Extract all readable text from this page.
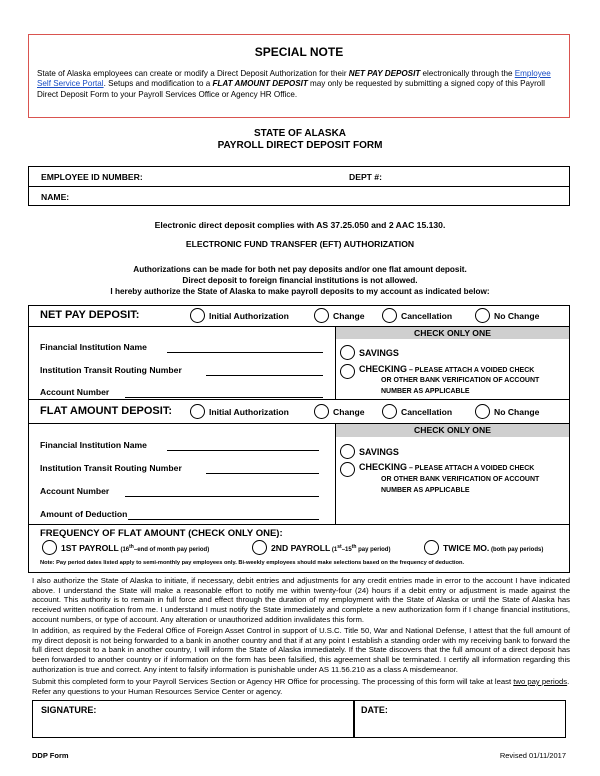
SPECIAL NOTE
State of Alaska employees can create or modify a Direct Deposit Authorization for their NET PAY DEPOSIT electronically through the Employee Self Service Portal. Setups and modification to a FLAT AMOUNT DEPOSIT may only be requested by submitting a signed copy of this Payroll Direct Deposit Form to your Payroll Services Office or Agency HR Office.
STATE OF ALASKA
PAYROLL DIRECT DEPOSIT FORM
EMPLOYEE ID NUMBER:	DEPT #:
NAME:
Electronic direct deposit complies with AS 37.25.050 and 2 AAC 15.130.
ELECTRONIC FUND TRANSFER (EFT) AUTHORIZATION
Authorizations can be made for both net pay deposits and/or one flat amount deposit.
Direct deposit to foreign financial institutions is not allowed.
I hereby authorize the State of Alaska to make payroll deposits to my account as indicated below:
NET PAY DEPOSIT:	Initial Authorization	Change	Cancellation	No Change
CHECK ONLY ONE
Financial Institution Name
Institution Transit Routing Number
Account Number
SAVINGS
CHECKING – PLEASE ATTACH A VOIDED CHECK
OR OTHER BANK VERIFICATION OF ACCOUNT
NUMBER AS APPLICABLE
FLAT AMOUNT DEPOSIT:	Initial Authorization	Change	Cancellation	No Change
CHECK ONLY ONE
Financial Institution Name
Institution Transit Routing Number
Account Number
Amount of Deduction
SAVINGS
CHECKING – PLEASE ATTACH A VOIDED CHECK
OR OTHER BANK VERIFICATION OF ACCOUNT
NUMBER AS APPLICABLE
FREQUENCY OF FLAT AMOUNT (CHECK ONLY ONE):
1ST PAYROLL (16th–end of month pay period)	2ND PAYROLL (1st–15th pay period)	TWICE MO. (both pay periods)
Note: Pay period dates listed apply to semi-monthly pay employees only. Bi-weekly employees should make selections based on the frequency of deduction.
I also authorize the State of Alaska to initiate, if necessary, debit entries and adjustments for any credit entries made in error to the account I have indicated above. I understand the State will make a reasonable effort to notify me within twenty-four (24) hours if a debit entry or adjustment is made against the account. This authority is to remain in full force and effect through the duration of my employment with the State of Alaska or until the State of Alaska has received written notification from me. I understand I must notify the State immediately and complete a new authorization form if I change financial institutions, account numbers, or type of account. Any alteration or unauthorized addition invalidates this form.
In addition, as required by the Federal Office of Foreign Asset Control in support of U.S.C. Title 50, War and National Defense, I attest that the full amount of my direct deposit is not being forwarded to a bank in another country and that if at any point I establish a standing order with my receiving bank to forward the full direct deposit to a bank in another country, I will inform the State of Alaska immediately. If the State discovers that the full amount of a direct deposit has been forwarded to another country or if information on the form has been falsified, this agreement shall be terminated. I certify all information regarding this authorization is true and correct. Any intent to falsify information is punishable under AS 11.56.210 as a class A misdemeanor.
Submit this completed form to your Payroll Services Section or Agency HR Office for processing. The processing of this form will take at least two pay periods. Refer any questions to your Human Resources Service Center or agency.
SIGNATURE:	DATE:
DDP Form	Revised 01/11/2017
